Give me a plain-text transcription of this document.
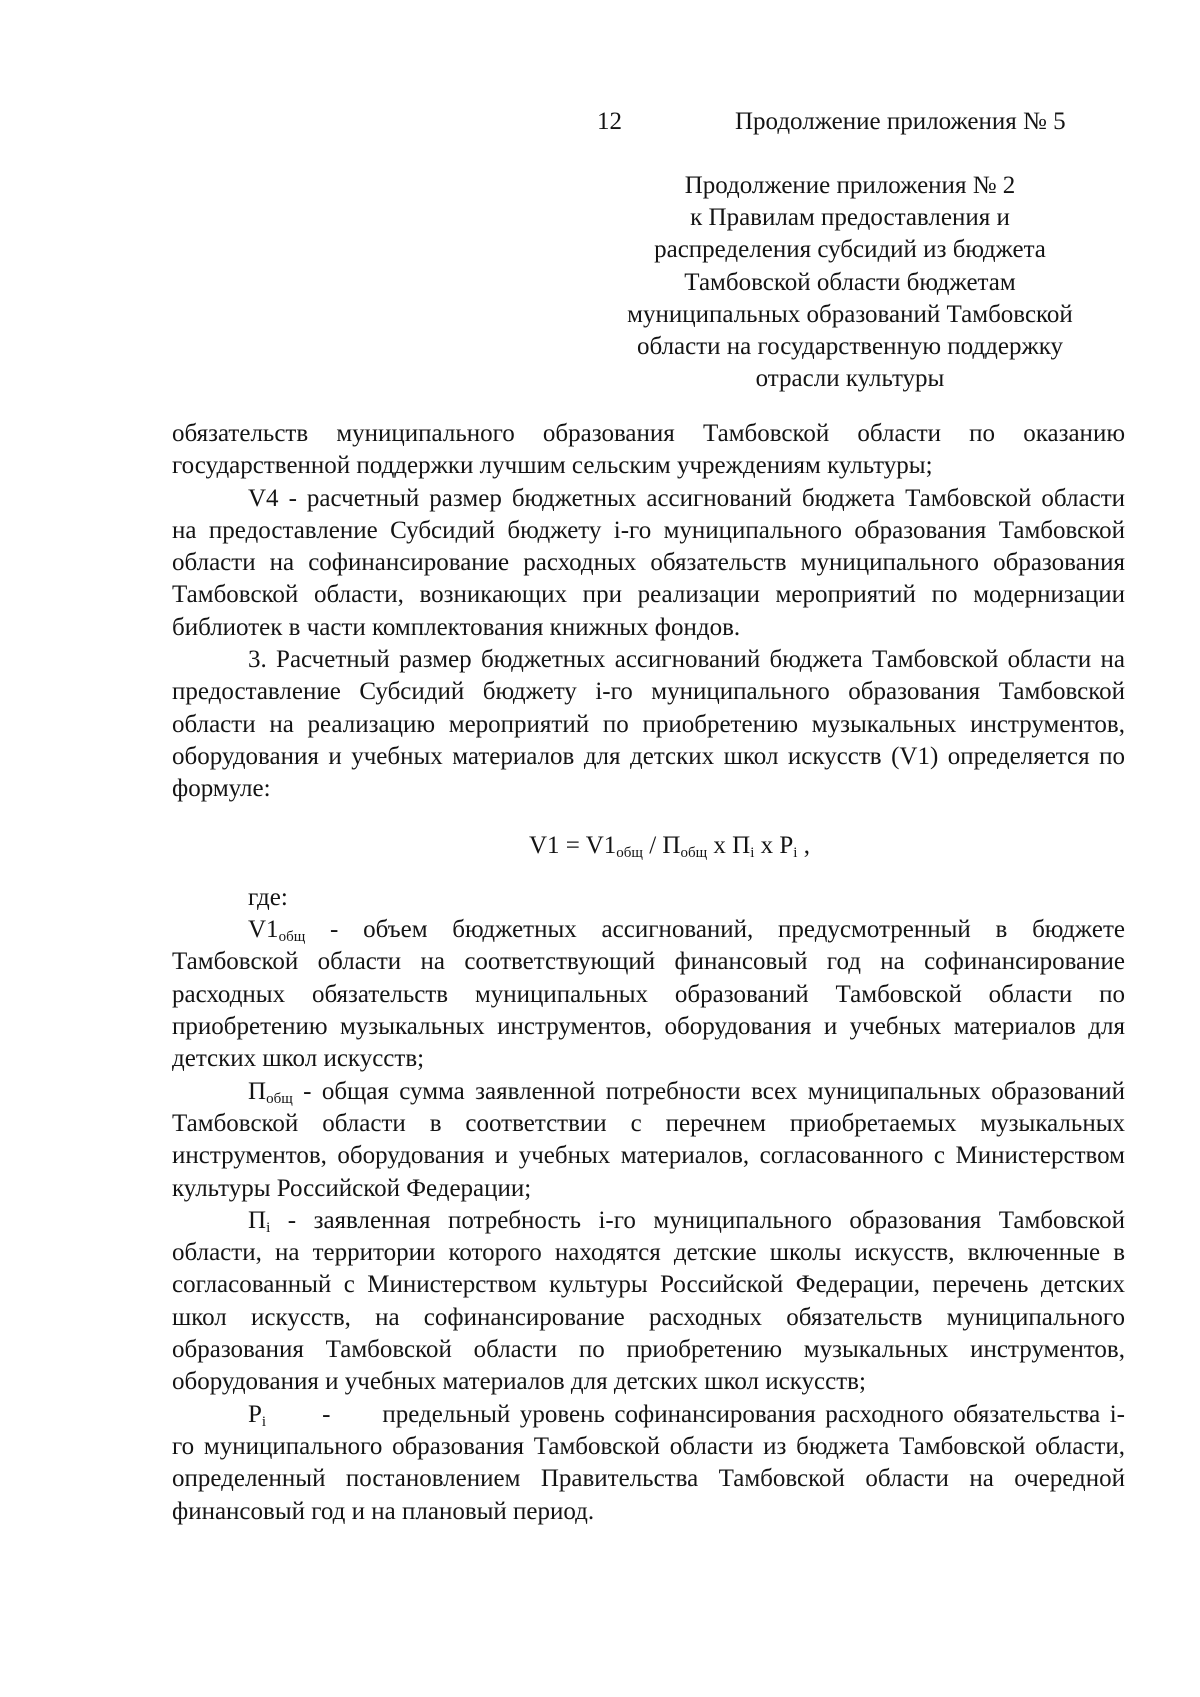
12	Продолжение приложения № 5
Продолжение приложения № 2
к Правилам предоставления и
распределения субсидий из бюджета
Тамбовской области бюджетам
муниципальных образований Тамбовской
области на государственную поддержку
отрасли культуры

обязательств муниципального образования Тамбовской области по оказанию государственной поддержки лучшим сельским учреждениям культуры;

V4 - расчетный размер бюджетных ассигнований бюджета Тамбовской области на предоставление Субсидий бюджету i-го муниципального образования Тамбовской области на софинансирование расходных обязательств муниципального образования Тамбовской области, возникающих при реализации мероприятий по модернизации библиотек в части комплектования книжных фондов.

3. Расчетный размер бюджетных ассигнований бюджета Тамбовской области на предоставление Субсидий бюджету i-го муниципального образования Тамбовской области на реализацию мероприятий по приобретению музыкальных инструментов, оборудования и учебных материалов для детских школ искусств (V1) определяется по формуле:

$V1 = V1_{общ} / П_{общ}$ x $П_i$ x $P_i$ ,

где:

$V1_{общ}$ - объем бюджетных ассигнований, предусмотренный в бюджете Тамбовской области на соответствующий финансовый год на софинансирование расходных обязательств муниципальных образований Тамбовской области по приобретению музыкальных инструментов, оборудования и учебных материалов для детских школ искусств;

$П_{общ}$ - общая сумма заявленной потребности всех муниципальных образований Тамбовской области в соответствии с перечнем приобретаемых музыкальных инструментов, оборудования и учебных материалов, согласованного с Министерством культуры Российской Федерации;

$П_i$ - заявленная потребность i-го муниципального образования Тамбовской области, на территории которого находятся детские школы искусств, включенные в согласованный с Министерством культуры Российской Федерации, перечень детских школ искусств, на софинансирование расходных обязательств муниципального образования Тамбовской области по приобретению музыкальных инструментов, оборудования и учебных материалов для детских школ искусств;

$P_i$ - предельный уровень софинансирования расходного обязательства i-го муниципального образования Тамбовской области из бюджета Тамбовской области, определенный постановлением Правительства Тамбовской области на очередной финансовый год и на плановый период.
